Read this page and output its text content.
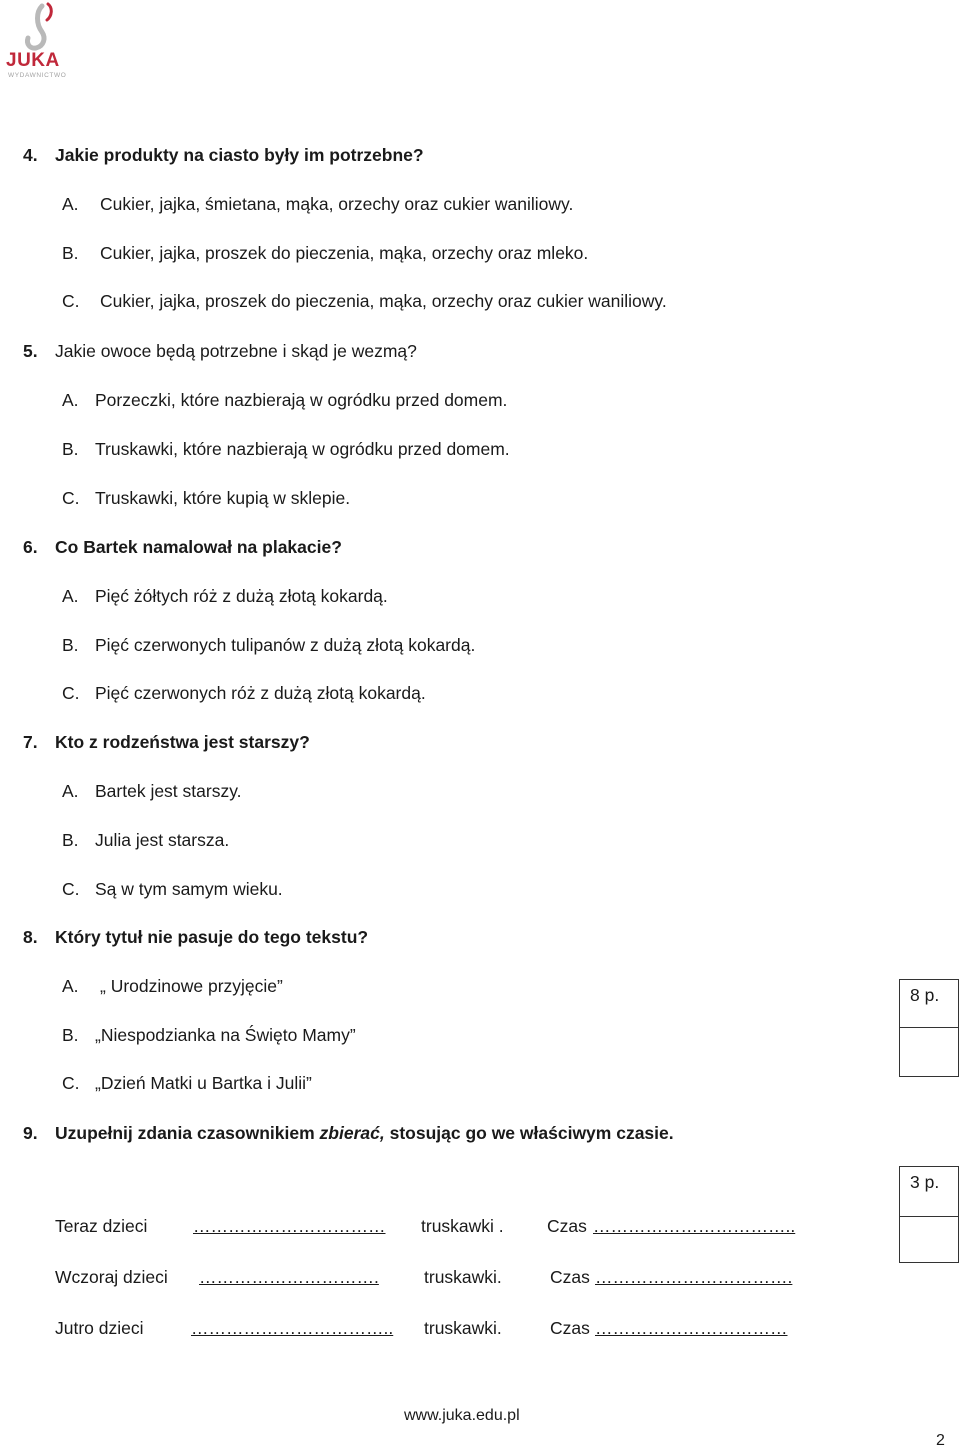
JUKA
WYDAWNICTWO
4. Jakie produkty na ciasto były im potrzebne?
A. Cukier, jajka, śmietana, mąka, orzechy oraz cukier waniliowy.
B. Cukier, jajka, proszek do pieczenia, mąka, orzechy oraz mleko.
C. Cukier, jajka, proszek do pieczenia, mąka, orzechy oraz cukier waniliowy.
5. Jakie owoce będą potrzebne i skąd je wezmą?
A. Porzeczki, które nazbierają w ogródku przed domem.
B. Truskawki, które nazbierają w ogródku przed domem.
C. Truskawki, które kupią w sklepie.
6. Co Bartek namalował na plakacie?
A. Pięć żółtych róż z dużą złotą kokardą.
B. Pięć czerwonych tulipanów z dużą złotą kokardą.
C. Pięć czerwonych róż z dużą złotą kokardą.
7. Kto z rodzeństwa jest starszy?
A. Bartek jest starszy.
B. Julia jest starsza.
C. Są w tym samym wieku.
8. Który tytuł nie pasuje do tego tekstu?
A. „ Urodzinowe przyjęcie”
B. „Niespodzianka na Święto Mamy”
C. „Dzień Matki u Bartka i Julii”
8 p.
9. Uzupełnij zdania czasownikiem zbierać, stosując go we właściwym czasie.
3 p.
Teraz dzieci	…………………………… truskawki . Czas ……………………………..
Wczoraj dzieci ………………………….	truskawki.	Czas …………………………….
Jutro dzieci	…………………………….. truskawki.	Czas ……………………………
www.juka.edu.pl
2
